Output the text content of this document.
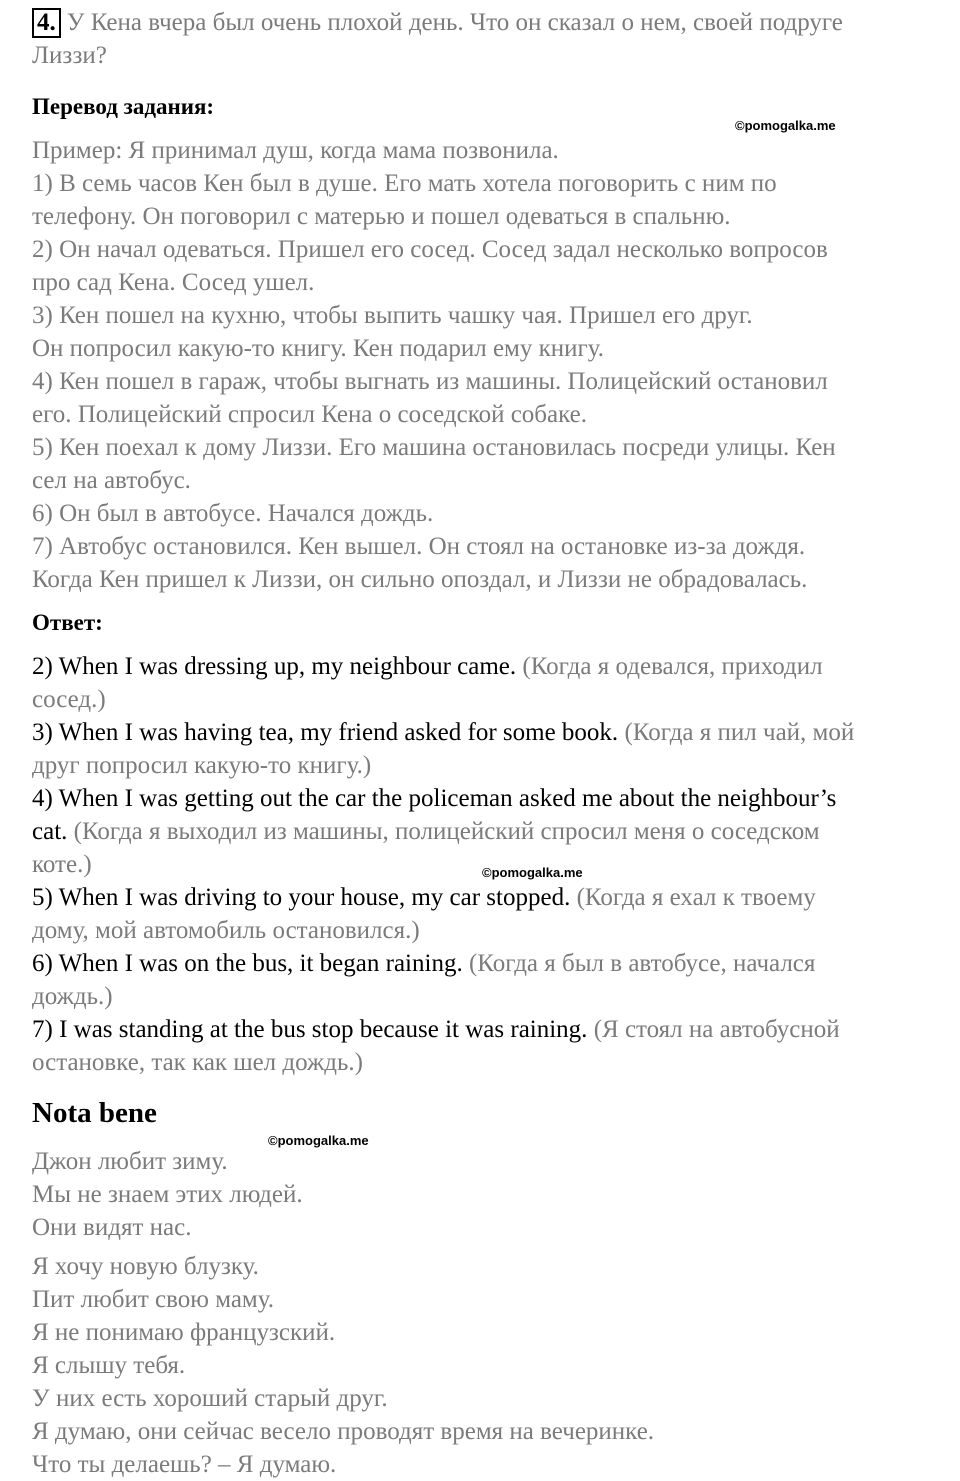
4. У Кена вчера был очень плохой день. Что он сказал о нем, своей подруге
Лиззи?
Перевод задания:
Пример: Я принимал душ, когда мама позвонила.
1) В семь часов Кен был в душе. Его мать хотела поговорить с ним по
телефону. Он поговорил с матерью и пошел одеваться в спальню.
2) Он начал одеваться. Пришел его сосед. Сосед задал несколько вопросов
про сад Кена. Сосед ушел.
3) Кен пошел на кухню, чтобы выпить чашку чая. Пришел его друг.
Он попросил какую-то книгу. Кен подарил ему книгу.
4) Кен пошел в гараж, чтобы выгнать из машины. Полицейский остановил
его. Полицейский спросил Кена о соседской собаке.
5) Кен поехал к дому Лиззи. Его машина остановилась посреди улицы. Кен
сел на автобус.
6) Он был в автобусе. Начался дождь.
7) Автобус остановился. Кен вышел. Он стоял на остановке из-за дождя.
Когда Кен пришел к Лиззи, он сильно опоздал, и Лиззи не обрадовалась.
Ответ:
2) When I was dressing up, my neighbour came. (Когда я одевался, приходил
сосед.)
3) When I was having tea, my friend asked for some book. (Когда я пил чай, мой
друг попросил какую-то книгу.)
4) When I was getting out the car the policeman asked me about the neighbour’s
cat. (Когда я выходил из машины, полицейский спросил меня о соседском
коте.)
5) When I was driving to your house, my car stopped. (Когда я ехал к твоему
дому, мой автомобиль остановился.)
6) When I was on the bus, it began raining. (Когда я был в автобусе, начался
дождь.)
7) I was standing at the bus stop because it was raining. (Я стоял на автобусной
остановке, так как шел дождь.)
Nota bene
Джон любит зиму.
Мы не знаем этих людей.
Они видят нас.
Я хочу новую блузку.
Пит любит свою маму.
Я не понимаю французский.
Я слышу тебя.
У них есть хороший старый друг.
Я думаю, они сейчас весело проводят время на вечеринке.
Что ты делаешь? – Я думаю.
©pomogalka.me
©pomogalka.me
©pomogalka.me
